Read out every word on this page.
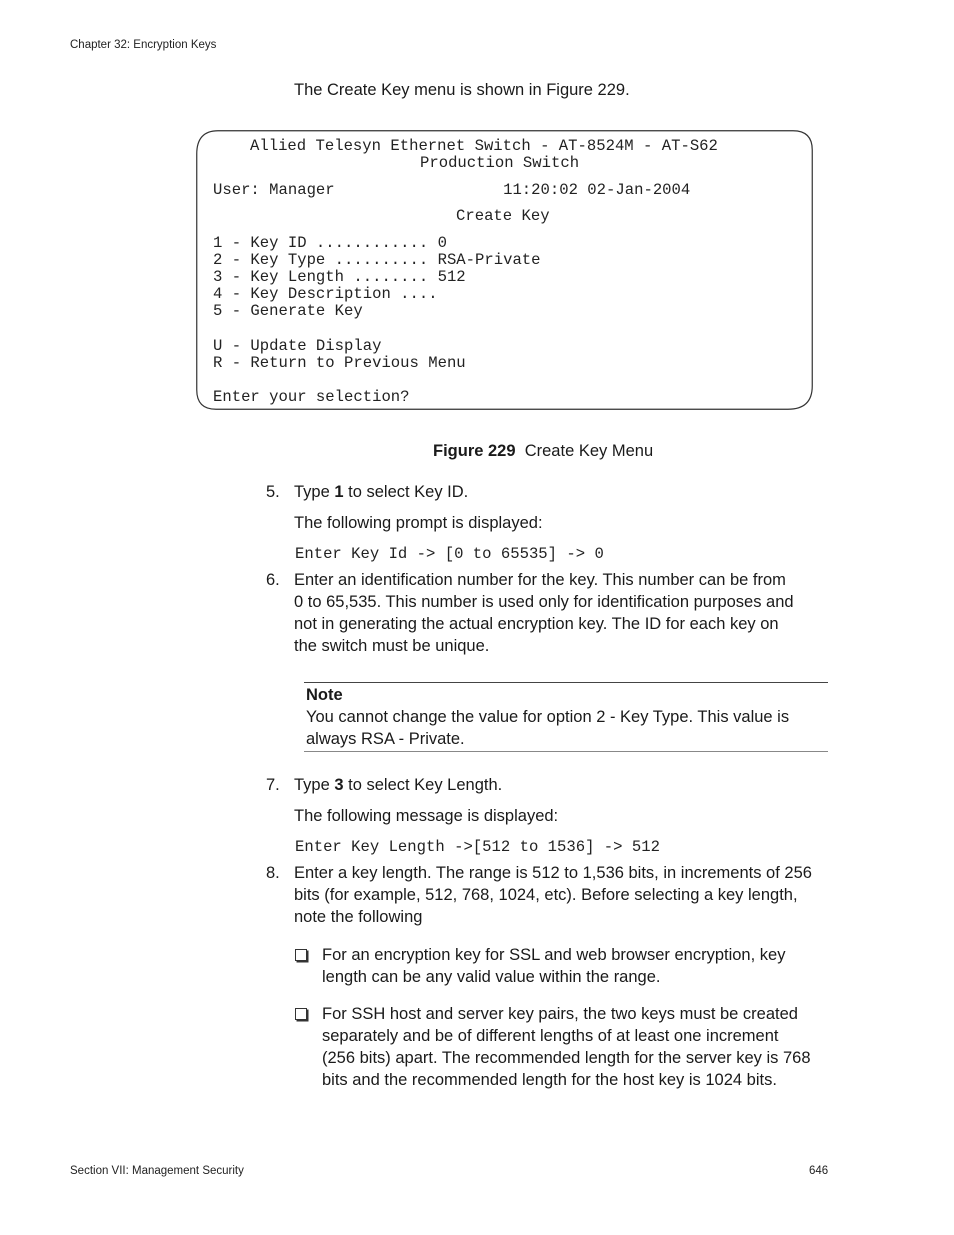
Chapter 32: Encryption Keys
The Create Key menu is shown in Figure 229.
Allied Telesyn Ethernet Switch - AT-8524M - AT-S62
Production Switch
User: Manager                  11:20:02 02-Jan-2004
Create Key
1 - Key ID ............ 0
2 - Key Type .......... RSA-Private
3 - Key Length ........ 512
4 - Key Description ....
5 - Generate Key
U - Update Display
R - Return to Previous Menu
Enter your selection?
Figure 229 Create Key Menu
5. Type 1 to select Key ID.
The following prompt is displayed:
Enter Key Id -> [0 to 65535] -> 0
6. Enter an identification number for the key. This number can be from
0 to 65,535. This number is used only for identification purposes and
not in generating the actual encryption key. The ID for each key on
the switch must be unique.
Note
You cannot change the value for option 2 - Key Type. This value is
always RSA - Private.
7. Type 3 to select Key Length.
The following message is displayed:
Enter Key Length ->[512 to 1536] -> 512
8. Enter a key length. The range is 512 to 1,536 bits, in increments of 256
bits (for example, 512, 768, 1024, etc). Before selecting a key length,
note the following
For an encryption key for SSL and web browser encryption, key
length can be any valid value within the range.
For SSH host and server key pairs, the two keys must be created
separately and be of different lengths of at least one increment
(256 bits) apart. The recommended length for the server key is 768
bits and the recommended length for the host key is 1024 bits.
Section VII: Management Security	646
